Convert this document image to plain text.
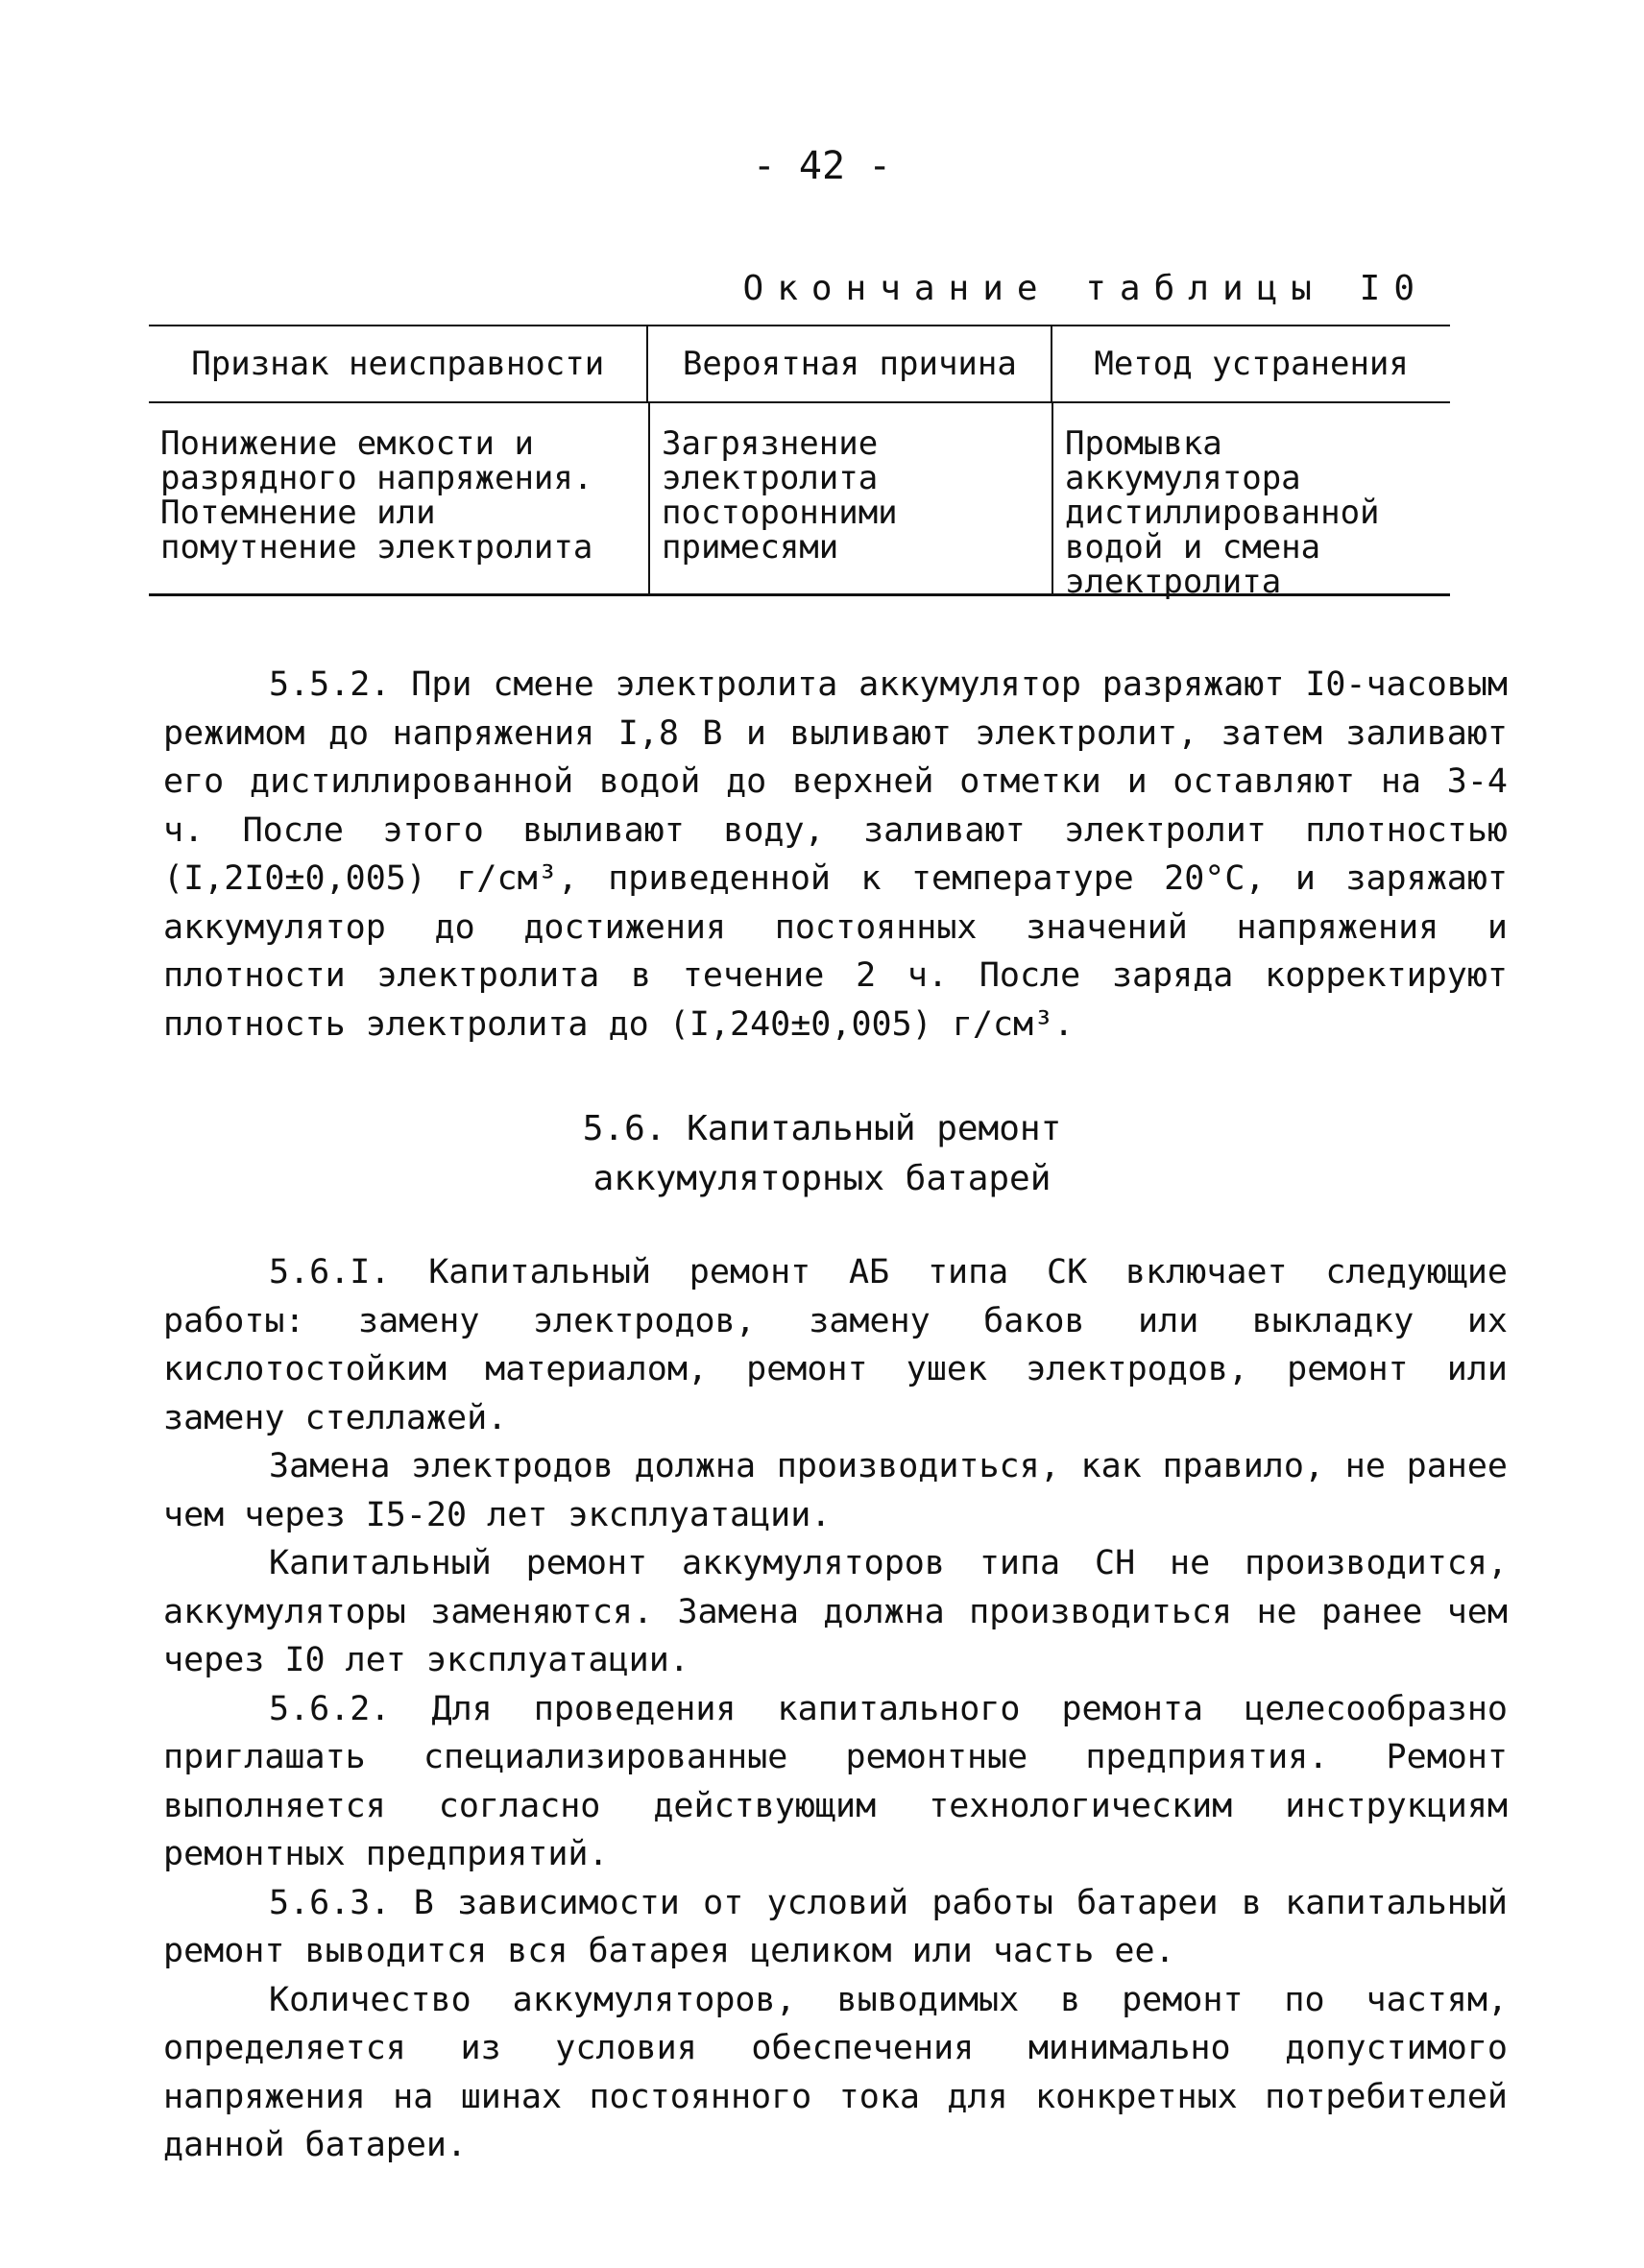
- 42 -
Окончание таблицы I0
Признак неисправности	Вероятная причина	Метод устранения
Понижение емкости и разрядного напряжения. Потемнение или помутнение электролита
Загрязнение электролита посторонними примесями
Промывка аккумулятора дистиллированной водой и смена электролита

5.5.2. При смене электролита аккумулятор разряжают I0-часовым режимом до напряжения I,8 В и выливают электролит, затем заливают его дистиллированной водой до верхней отметки и оставляют на 3-4 ч. После этого выливают воду, заливают электролит плотностью (I,2I0±0,005) г/см³, приведенной к температуре 20°С, и заряжают аккумулятор до достижения постоянных значений напряжения и плотности электролита в течение 2 ч. После заряда корректируют плотность электролита до (I,240±0,005) г/см³.

5.6. Капитальный ремонт
аккумуляторных батарей

5.6.I. Капитальный ремонт АБ типа СК включает следующие работы: замену электродов, замену баков или выкладку их кислотостойким материалом, ремонт ушек электродов, ремонт или замену стеллажей.

Замена электродов должна производиться, как правило, не ранее чем через I5-20 лет эксплуатации.

Капитальный ремонт аккумуляторов типа СН не производится, аккумуляторы заменяются. Замена должна производиться не ранее чем через I0 лет эксплуатации.

5.6.2. Для проведения капитального ремонта целесообразно приглашать специализированные ремонтные предприятия. Ремонт выполняется согласно действующим технологическим инструкциям ремонтных предприятий.

5.6.3. В зависимости от условий работы батареи в капитальный ремонт выводится вся батарея целиком или часть ее.

Количество аккумуляторов, выводимых в ремонт по частям, определяется из условия обеспечения минимально допустимого напряжения на шинах постоянного тока для конкретных потребителей данной батареи.
